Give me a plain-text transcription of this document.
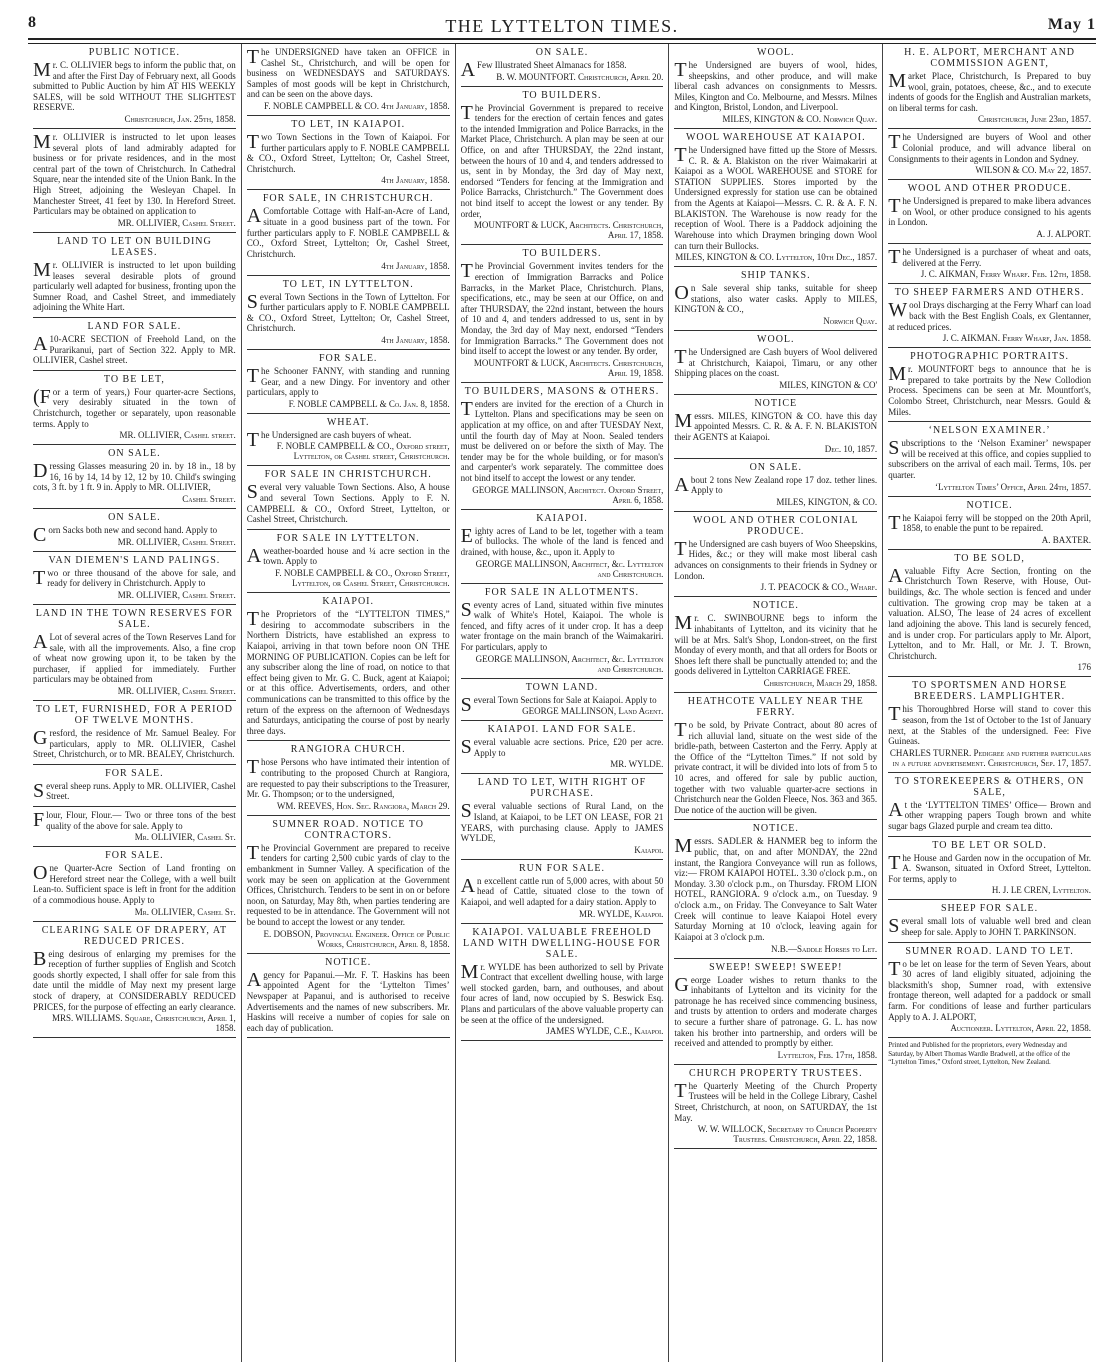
8	THE LYTTELTON TIMES.	May 1
PUBLIC NOTICE.

Mr. C. OLLIVIER begs to inform the public that, on and after the First Day of February next, all Goods submitted to Public Auction by him AT HIS WEEKLY SALES, will be sold WITHOUT THE SLIGHTEST RESERVE.

Christchurch, Jan. 25th, 1858.

Mr. OLLIVIER is instructed to let upon leases several plots of land admirably adapted for business or for private residences, and in the most central part of the town of Christchurch. In Cathedral Square, near the intended site of the Union Bank. In the High Street, adjoining the Wesleyan Chapel. In Manchester Street, 41 feet by 130. In Hereford Street. Particulars may be obtained on application to

MR. OLLIVIER, Cashel Street.
LAND TO LET ON BUILDING LEASES.

Mr. OLLIVIER is instructed to let upon building leases several desirable plots of ground particularly well adapted for business, fronting upon the Sumner Road, and Cashel Street, and immediately adjoining the White Hart.

LAND FOR SALE.

A10-ACRE SECTION of Freehold Land, on the Purarikanui, part of Section 322. Apply to MR. OLLIVIER, Cashel street.

TO BE LET,

(For a term of years,) Four quarter-acre Sections, very desirably situated in the town of Christchurch, together or separately, upon reasonable terms. Apply to

MR. OLLIVIER, Cashel street.
ON SALE.

Dressing Glasses measuring 20 in. by 18 in., 18 by 16, 16 by 14, 14 by 12, 12 by 10. Child's swinging cots, 3 ft. by 1 ft. 9 in. Apply to MR. OLLIVIER,

Cashel Street.
ON SALE.

Corn Sacks both new and second hand. Apply to

MR. OLLIVIER, Cashel Street.
VAN DIEMEN'S LAND PALINGS.

Two or three thousand of the above for sale, and ready for delivery in Christchurch. Apply to

MR. OLLIVIER, Cashel Street.
LAND IN THE TOWN RESERVES FOR SALE.

ALot of several acres of the Town Reserves Land for sale, with all the improvements. Also, a fine crop of wheat now growing upon it, to be taken by the purchaser, if applied for immediately. Further particulars may be obtained from

MR. OLLIVIER, Cashel Street.
TO LET, FURNISHED, FOR A PERIOD OF TWELVE MONTHS.

Gresford, the residence of Mr. Samuel Bealey. For particulars, apply to MR. OLLIVIER, Cashel Street, Christchurch, or to MR. BEALEY, Christchurch.

FOR SALE.

Several sheep runs. Apply to MR. OLLIVIER, Cashel Street.

Flour, Flour, Flour.— Two or three tons of the best quality of the above for sale. Apply to

Mr. OLLIVIER, Cashel St.
FOR SALE.

One Quarter-Acre Section of Land fronting on Hereford street near the College, with a well built Lean-to. Sufficient space is left in front for the addition of a commodious house. Apply to

Mr. OLLIVIER, Cashel St.
CLEARING SALE OF DRAPERY, AT REDUCED PRICES.

Being desirous of enlarging my premises for the reception of further supplies of English and Scotch goods shortly expected, I shall offer for sale from this date until the middle of May next my present large stock of drapery, at CONSIDERABLY REDUCED PRICES, for the purpose of effecting an early clearance.

MRS. WILLIAMS. Square, Christchurch, April 1, 1858.

The UNDERSIGNED have taken an OFFICE in Cashel St., Christchurch, and will be open for business on WEDNESDAYS and SATURDAYS. Samples of most goods will be kept in Christchurch, and can be seen on the above days.

F. NOBLE CAMPBELL & CO. 4th January, 1858.
TO LET, IN KAIAPOI.

Two Town Sections in the Town of Kaiapoi. For further particulars apply to F. NOBLE CAMPBELL & CO., Oxford Street, Lyttelton; Or, Cashel Street, Christchurch.

4th January, 1858.
FOR SALE, IN CHRISTCHURCH.

AComfortable Cottage with Half-an-Acre of Land, situate in a good business part of the town. For further particulars apply to F. NOBLE CAMPBELL & CO., Oxford Street, Lyttelton; Or, Cashel Street, Christchurch.

4th January, 1858.
TO LET, IN LYTTELTON.

Several Town Sections in the Town of Lyttelton. For further particulars apply to F. NOBLE CAMPBELL & CO., Oxford Street, Lyttelton; Or, Cashel Street, Christchurch.

4th January, 1858.
FOR SALE.

The Schooner FANNY, with standing and running Gear, and a new Dingy. For inventory and other particulars, apply to

F. NOBLE CAMPBELL & Co. Jan. 8, 1858.
WHEAT.

The Undersigned are cash buyers of wheat.

F. NOBLE CAMPBELL & CO., Oxford street, Lyttelton, or Cashel street, Christchurch.
FOR SALE IN CHRISTCHURCH.

Several very valuable Town Sections. Also, A house and several Town Sections. Apply to F. N. CAMPBELL & CO., Oxford Street, Lyttelton, or Cashel Street, Christchurch.

FOR SALE IN LYTTELTON.

Aweather-boarded house and ¼ acre section in the town. Apply to

F. NOBLE CAMPBELL & CO., Oxford Street, Lyttelton, or Cashel Street, Christchurch.
KAIAPOI.

The Proprietors of the “LYTTELTON TIMES,” desiring to accommodate subscribers in the Northern Districts, have established an express to Kaiapoi, arriving in that town before noon ON THE MORNING OF PUBLICATION. Copies can be left for any subscriber along the line of road, on notice to that effect being given to Mr. G. C. Buck, agent at Kaiapoi; or at this office. Advertisements, orders, and other communications can be transmitted to this office by the return of the express on the afternoon of Wednesdays and Saturdays, anticipating the course of post by nearly three days.

RANGIORA CHURCH.

Those Persons who have intimated their intention of contributing to the proposed Church at Rangiora, are requested to pay their subscriptions to the Treasurer, Mr. G. Thompson; or to the undersigned,

WM. REEVES, Hon. Sec. Rangiora, March 29.
SUMNER ROAD. NOTICE TO CONTRACTORS.

The Provincial Government are prepared to receive tenders for carting 2,500 cubic yards of clay to the embankment in Sumner Valley. A specification of the work may be seen on application at the Government Offices, Christchurch. Tenders to be sent in on or before noon, on Saturday, May 8th, when parties tendering are requested to be in attendance. The Government will not be bound to accept the lowest or any tender.

E. DOBSON, Provincial Engineer. Office of Public Works, Christchurch, April 8, 1858.
NOTICE.

Agency for Papanui.—Mr. F. T. Haskins has been appointed Agent for the ‘Lyttelton Times’ Newspaper at Papanui, and is authorised to receive Advertisements and the names of new subscribers. Mr. Haskins will receive a number of copies for sale on each day of publication.

ON SALE.

AFew Illustrated Sheet Almanacs for 1858.

B. W. MOUNTFORT. Christchurch, April 20.
TO BUILDERS.

The Provincial Government is prepared to receive tenders for the erection of certain fences and gates to the intended Immigration and Police Barracks, in the Market Place, Christchurch. A plan may be seen at our Office, on and after THURSDAY, the 22nd instant, between the hours of 10 and 4, and tenders addressed to us, sent in by Monday, the 3rd day of May next, endorsed “Tenders for fencing at the Immigration and Police Barracks, Christchurch.” The Government does not bind itself to accept the lowest or any tender. By order,

MOUNTFORT & LUCK, Architects. Christchurch, April 17, 1858.
TO BUILDERS.

The Provincial Government invites tenders for the erection of Immigration Barracks and Police Barracks, in the Market Place, Christchurch. Plans, specifications, etc., may be seen at our Office, on and after THURSDAY, the 22nd instant, between the hours of 10 and 4, and tenders addressed to us, sent in by Monday, the 3rd day of May next, endorsed “Tenders for Immigration Barracks.” The Government does not bind itself to accept the lowest or any tender. By order,

MOUNTFORT & LUCK, Architects. Christchurch, April 19, 1858.
TO BUILDERS, MASONS & OTHERS.

Tenders are invited for the erection of a Church in Lyttelton. Plans and specifications may be seen on application at my office, on and after TUESDAY Next, until the fourth day of May at Noon. Sealed tenders must be delivered on or before the sixth of May. The tender may be for the whole building, or for mason's and carpenter's work separately. The committee does not bind itself to accept the lowest or any tender.

GEORGE MALLINSON, Architect. Oxford Street, April 6, 1858.
KAIAPOI.

Eighty acres of Land to be let, together with a team of bullocks. The whole of the land is fenced and drained, with house, &c., upon it. Apply to

GEORGE MALLINSON, Architect, &c. Lyttelton and Christchurch.
FOR SALE IN ALLOTMENTS.

Seventy acres of Land, situated within five minutes walk of White's Hotel, Kaiapoi. The whole is fenced, and fifty acres of it under crop. It has a deep water frontage on the main branch of the Waimakariri. For particulars, apply to

GEORGE MALLINSON, Architect, &c. Lyttelton and Christchurch.
TOWN LAND.

Several Town Sections for Sale at Kaiapoi. Apply to

GEORGE MALLINSON, Land Agent.
KAIAPOI. LAND FOR SALE.

Several valuable acre sections. Price, £20 per acre. Apply to

MR. WYLDE.
LAND TO LET, WITH RIGHT OF PURCHASE.

Several valuable sections of Rural Land, on the Island, at Kaiapoi, to be LET ON LEASE, FOR 21 YEARS, with purchasing clause. Apply to JAMES WYLDE,

Kaiapoi.
RUN FOR SALE.

An excellent cattle run of 5,000 acres, with about 50 head of Cattle, situated close to the town of Kaiapoi, and well adapted for a dairy station. Apply to

MR. WYLDE, Kaiapoi.
KAIAPOI. VALUABLE FREEHOLD LAND WITH DWELLING-HOUSE FOR SALE.

Mr. WYLDE has been authorized to sell by Private Contract that excellent dwelling house, with large well stocked garden, barn, and outhouses, and about four acres of land, now occupied by S. Beswick Esq. Plans and particulars of the above valuable property can be seen at the office of the undersigned.

JAMES WYLDE, C.E., Kaiapoi.
WOOL.

The Undersigned are buyers of wool, hides, sheepskins, and other produce, and will make liberal cash advances on consignments to Messrs. Miles, Kington and Co. Melbourne, and Messrs. Milnes and Kington, Bristol, London, and Liverpool.

MILES, KINGTON & CO. Norwich Quay.
WOOL WAREHOUSE AT KAIAPOI.

The Undersigned have fitted up the Store of Messrs. C. R. & A. Blakiston on the river Waimakariri at Kaiapoi as a WOOL WAREHOUSE and STORE for STATION SUPPLIES. Stores imported by the Undersigned expressly for station use can be obtained from the Agents at Kaiapoi—Messrs. C. R. & A. F. N. BLAKISTON. The Warehouse is now ready for the reception of Wool. There is a Paddock adjoining the Warehouse into which Draymen bringing down Wool can turn their Bullocks.

MILES, KINGTON & CO. Lyttelton, 10th Dec., 1857.
SHIP TANKS.

On Sale several ship tanks, suitable for sheep stations, also water casks. Apply to MILES, KINGTON & CO.,

Norwich Quay.
WOOL.

The Undersigned are Cash buyers of Wool delivered at Christchurch, Kaiapoi, Timaru, or any other Shipping places on the coast.

MILES, KINGTON & CO'
NOTICE

Messrs. MILES, KINGTON & CO. have this day appointed Messrs. C. R. & A. F. N. BLAKISTON their AGENTS at Kaiapoi.

Dec. 10, 1857.
ON SALE.

About 2 tons New Zealand rope 17 doz. tether lines. Apply to

MILES, KINGTON, & CO.
WOOL AND OTHER COLONIAL PRODUCE.

The Undersigned are cash buyers of Woo Sheepskins, Hides, &c.; or they will make most liberal cash advances on consignments to their friends in Sydney or London.

J. T. PEACOCK & CO., Wharf.
NOTICE.

Mr. C. SWINBOURNE begs to inform the inhabitants of Lyttelton, and its vicinity that he will be at Mrs. Salt's Shop, London-street, on the first Monday of every month, and that all orders for Boots or Shoes left there shall be punctually attended to; and the goods delivered in Lyttelton CARRIAGE FREE.

Christchurch, March 29, 1858.
HEATHCOTE VALLEY NEAR THE FERRY.

To be sold, by Private Contract, about 80 acres of rich alluvial land, situate on the west side of the bridle-path, between Casterton and the Ferry. Apply at the Office of the “Lyttelton Times.” If not sold by private contract, it will be divided into lots of from 5 to 10 acres, and offered for sale by public auction, together with two valuable quarter-acre sections in Christchurch near the Golden Fleece, Nos. 363 and 365. Due notice of the auction will be given.

NOTICE.

Messrs. SADLER & HANMER beg to inform the public, that, on and after MONDAY, the 22nd instant, the Rangiora Conveyance will run as follows, viz:— FROM KAIAPOI HOTEL. 3.30 o'clock p.m., on Monday. 3.30 o'clock p.m., on Thursday. FROM LION HOTEL, RANGIORA. 9 o'clock a.m., on Tuesday. 9 o'clock a.m., on Friday. The Conveyance to Salt Water Creek will continue to leave Kaiapoi Hotel every Saturday Morning at 10 o'clock, leaving again for Kaiapoi at 3 o'clock p.m.

N.B.—Saddle Horses to Let.
SWEEP! SWEEP! SWEEP!

George Loader wishes to return thanks to the inhabitants of Lyttelton and its vicinity for the patronage he has received since commencing business, and trusts by attention to orders and moderate charges to secure a further share of patronage. G. L. has now taken his brother into partnership, and orders will be received and attended to promptly by either.

Lyttelton, Feb. 17th, 1858.
CHURCH PROPERTY TRUSTEES.

The Quarterly Meeting of the Church Property Trustees will be held in the College Library, Cashel Street, Christchurch, at noon, on SATURDAY, the 1st May.

W. W. WILLOCK, Secretary to Church Property Trustees. Christchurch, April 22, 1858.
H. E. ALPORT, MERCHANT AND COMMISSION AGENT,

Market Place, Christchurch, Is Prepared to buy wool, grain, potatoes, cheese, &c., and to execute indents of goods for the English and Australian markets, on liberal terms for cash.

Christchurch, June 23rd, 1857.

The Undersigned are buyers of Wool and other Colonial produce, and will advance liberal on Consignments to their agents in London and Sydney.

WILSON & CO. May 22, 1857.
WOOL AND OTHER PRODUCE.

The Undersigned is prepared to make libera advances on Wool, or other produce consigned to his agents in London.

A. J. ALPORT.

The Undersigned is a purchaser of wheat and oats, delivered at the Ferry.

J. C. AIKMAN, Ferry Wharf. Feb. 12th, 1858.
TO SHEEP FARMERS AND OTHERS.

Wool Drays discharging at the Ferry Wharf can load back with the Best English Coals, ex Glentanner, at reduced prices.

J. C. AIKMAN. Ferry Wharf, Jan. 1858.
PHOTOGRAPHIC PORTRAITS.

Mr. MOUNTFORT begs to announce that he is prepared to take portraits by the New Collodion Process. Specimens can be seen at Mr. Mountfort's, Colombo Street, Christchurch, near Messrs. Gould & Miles.

‘NELSON EXAMINER.’

Subscriptions to the ‘Nelson Examiner’ newspaper will be received at this office, and copies supplied to subscribers on the arrival of each mail. Terms, 10s. per quarter.

‘Lyttelton Times’ Office, April 24th, 1857.
NOTICE.

The Kaiapoi ferry will be stopped on the 20th April, 1858, to enable the punt to be repaired.

A. BAXTER.
TO BE SOLD,

Avaluable Fifty Acre Section, fronting on the Christchurch Town Reserve, with House, Out-buildings, &c. The whole section is fenced and under cultivation. The growing crop may be taken at a valuation. ALSO, The lease of 24 acres of excellent land adjoining the above. This land is securely fenced, and is under crop. For particulars apply to Mr. Alport, Lyttelton, and to Mr. Hall, or Mr. J. T. Brown, Christchurch.

176
TO SPORTSMEN AND HORSE BREEDERS. LAMPLIGHTER.

This Thoroughbred Horse will stand to cover this season, from the 1st of October to the 1st of January next, at the Stables of the undersigned. Fee: Five Guineas.

CHARLES TURNER. Pedigree and further particulars in a future advertisement. Christchurch, Sep. 17, 1857.
TO STOREKEEPERS & OTHERS, ON SALE,

At the ‘LYTTELTON TIMES’ Office— Brown and other wrapping papers Tough brown and white sugar bags Glazed purple and cream tea ditto.

TO BE LET OR SOLD.

The House and Garden now in the occupation of Mr. A. Swanson, situated in Oxford Street, Lyttelton. For terms, apply to

H. J. LE CREN, Lyttelton.
SHEEP FOR SALE.

Several small lots of valuable well bred and clean sheep for sale. Apply to JOHN T. PARKINSON.

SUMNER ROAD. LAND TO LET.

To be let on lease for the term of Seven Years, about 30 acres of land eligibly situated, adjoining the blacksmith's shop, Sumner road, with extensive frontage thereon, well adapted for a paddock or small farm. For conditions of lease and further particulars Apply to A. J. ALPORT,

Auctioneer. Lyttelton, April 22, 1858.
Printed and Published for the proprietors, every Wednesday and Saturday, by Albert Thomas Wardle Bradwell, at the office of the “Lyttelton Times,” Oxford street, Lyttelton, New Zealand.
